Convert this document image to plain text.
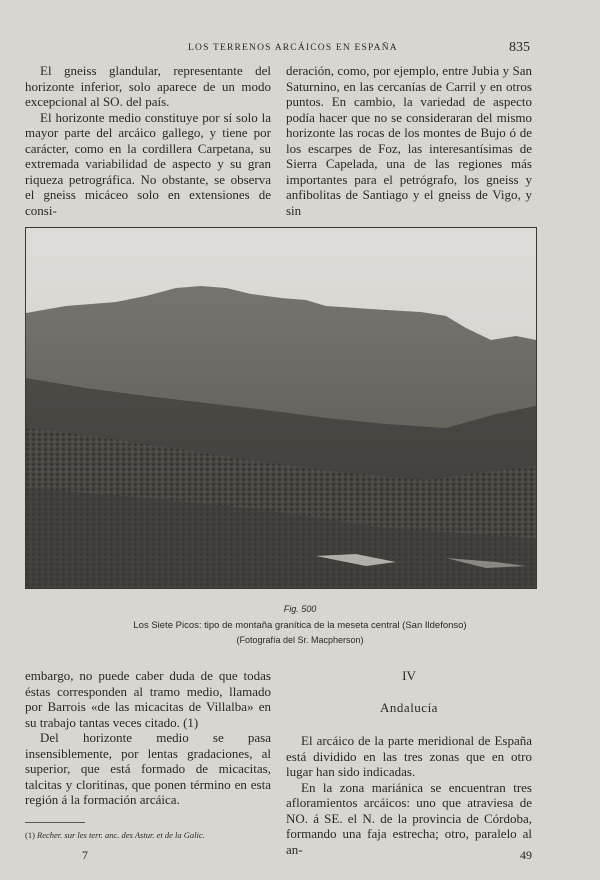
LOS TERRENOS ARCÁICOS EN ESPAÑA	835

El gneiss glandular, representante del horizonte inferior, solo aparece de un modo excepcional al SO. del país.

El horizonte medio constituye por sí solo la mayor parte del arcáico gallego, y tiene por carácter, como en la cordillera Carpetana, su extremada variabilidad de aspecto y su gran riqueza petrográfica. No obstante, se observa el gneiss micáceo solo en extensiones de consi-

deración, como, por ejemplo, entre Jubia y San Saturnino, en las cercanías de Carril y en otros puntos. En cambio, la variedad de aspecto podía hacer que no se consideraran del mismo horizonte las rocas de los montes de Bujo ó de los escarpes de Foz, las interesantísimas de Sierra Capelada, una de las regiones más importantes para el petrógrafo, los gneiss y anfibolitas de Santiago y el gneiss de Vigo, y sin

Fig. 500
Los Siete Picos: tipo de montaña granítica de la meseta central (San Ildefonso)
(Fotografía del Sr. Macpherson)

embargo, no puede caber duda de que todas éstas corresponden al tramo medio, llamado por Barrois «de las micacitas de Villalba» en su trabajo tantas veces citado. (1)

Del horizonte medio se pasa insensiblemente, por lentas gradaciones, al superior, que está formado de micacitas, talcitas y cloritinas, que ponen término en esta región á la formación arcáica.

IV

Andalucía

El arcáico de la parte meridional de España está dividido en las tres zonas que en otro lugar han sido indicadas.

En la zona mariánica se encuentran tres afloramientos arcáicos: uno que atraviesa de NO. á SE. el N. de la provincia de Córdoba, formando una faja estrecha; otro, paralelo al an-

(1) Recher. sur les terr. anc. des Astur. et de la Galic.
7	49
